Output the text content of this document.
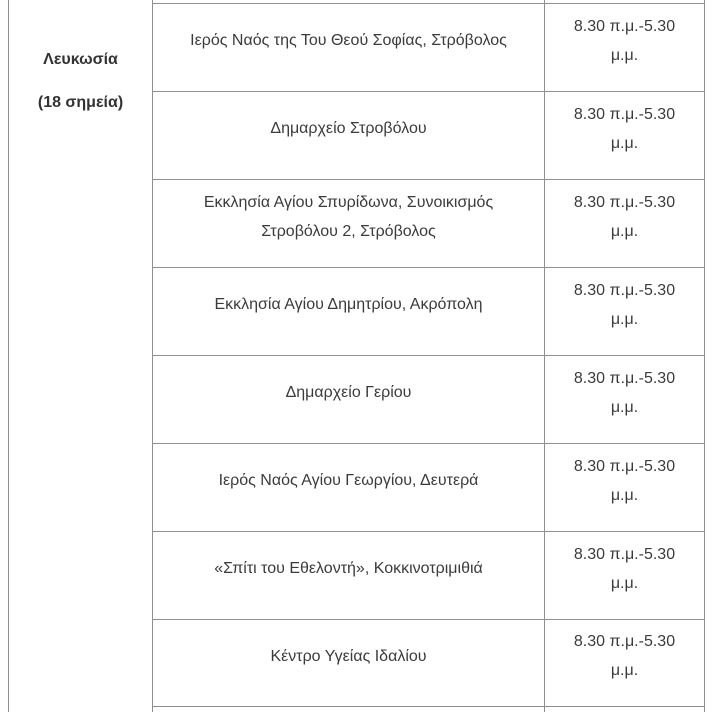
Λευκωσία
(18 σημεία)
Ιερός Ναός της Του Θεού Σοφίας, Στρόβολος
8.30 π.μ.-5.30 μ.μ.
Δημαρχείο Στροβόλου
8.30 π.μ.-5.30 μ.μ.
Εκκλησία Αγίου Σπυρίδωνα, Συνοικισμός Στροβόλου 2, Στρόβολος
8.30 π.μ.-5.30 μ.μ.
Εκκλησία Αγίου Δημητρίου, Ακρόπολη
8.30 π.μ.-5.30 μ.μ.
Δημαρχείο Γερίου
8.30 π.μ.-5.30 μ.μ.
Ιερός Ναός Αγίου Γεωργίου, Δευτερά
8.30 π.μ.-5.30 μ.μ.
«Σπίτι του Εθελοντή», Κοκκινοτριμιθιά
8.30 π.μ.-5.30 μ.μ.
Κέντρο Υγείας Ιδαλίου
8.30 π.μ.-5.30 μ.μ.
